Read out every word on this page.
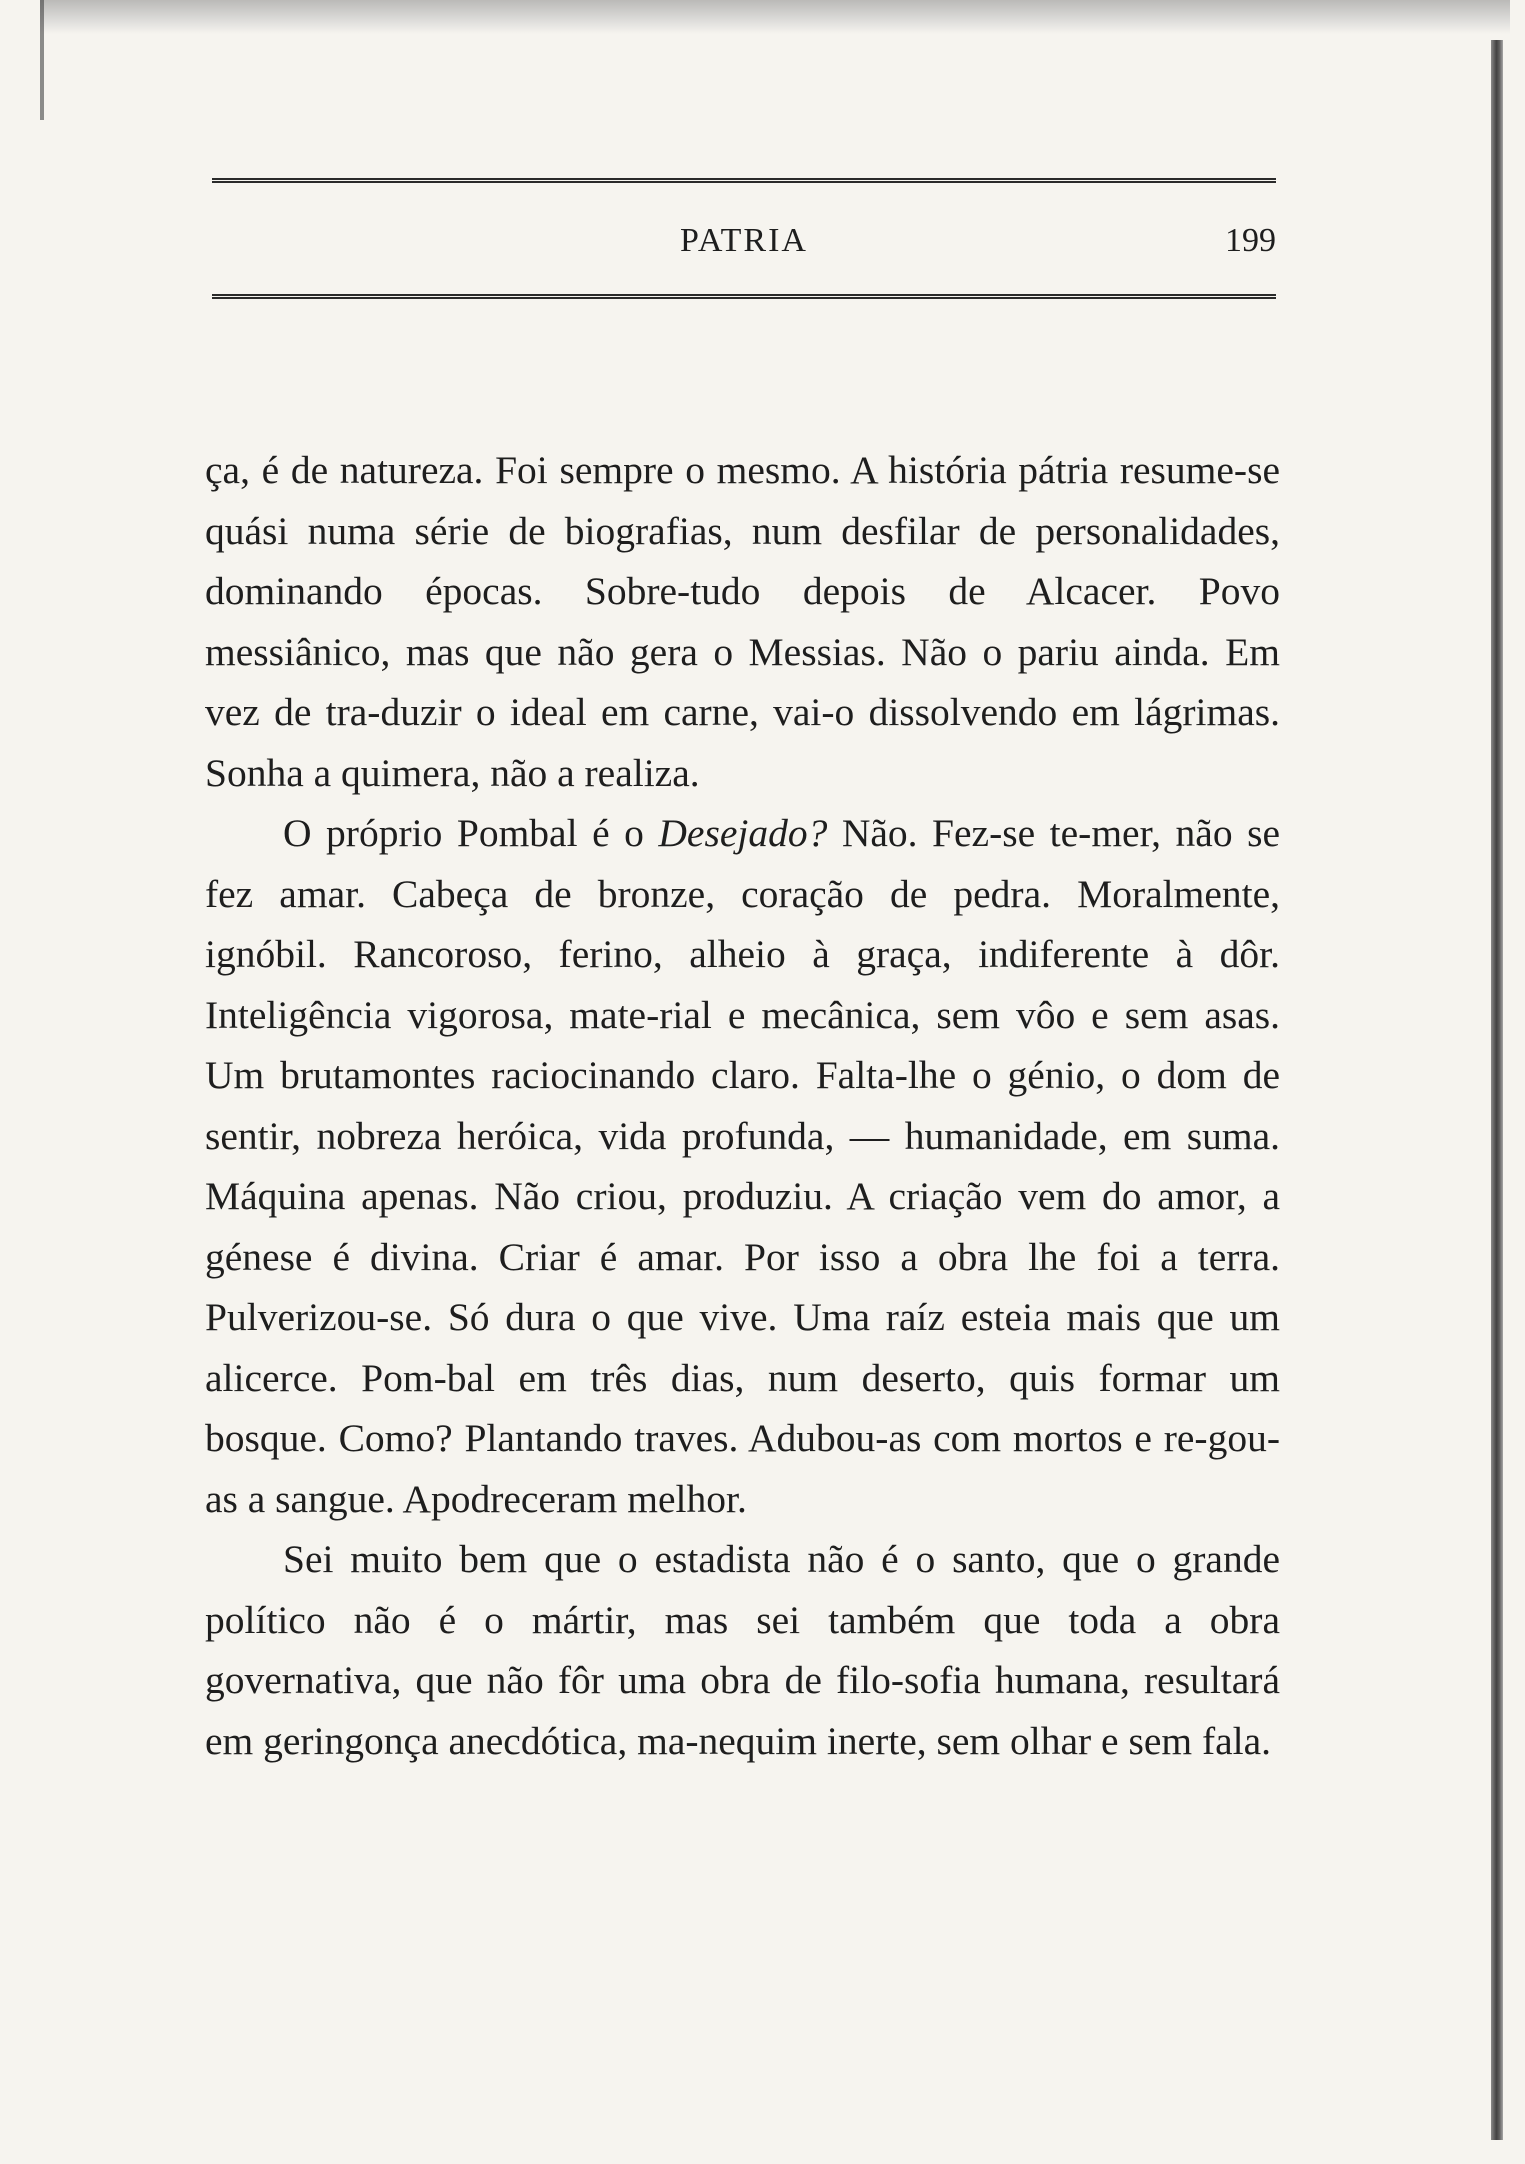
PATRIA	199

ça, é de natureza. Foi sempre o mesmo. A história pátria resume-se quási numa série de biografias, num desfilar de personalidades, dominando épocas. Sobre-tudo depois de Alcacer. Povo messiânico, mas que não gera o Messias. Não o pariu ainda. Em vez de tra-duzir o ideal em carne, vai-o dissolvendo em lágrimas. Sonha a quimera, não a realiza.

O próprio Pombal é o Desejado? Não. Fez-se te-mer, não se fez amar. Cabeça de bronze, coração de pedra. Moralmente, ignóbil. Rancoroso, ferino, alheio à graça, indiferente à dôr. Inteligência vigorosa, mate-rial e mecânica, sem vôo e sem asas. Um brutamontes raciocinando claro. Falta-lhe o génio, o dom de sentir, nobreza heróica, vida profunda, — humanidade, em suma. Máquina apenas. Não criou, produziu. A criação vem do amor, a génese é divina. Criar é amar. Por isso a obra lhe foi a terra. Pulverizou-se. Só dura o que vive. Uma raíz esteia mais que um alicerce. Pom-bal em três dias, num deserto, quis formar um bosque. Como? Plantando traves. Adubou-as com mortos e re-gou-as a sangue. Apodreceram melhor.

Sei muito bem que o estadista não é o santo, que o grande político não é o mártir, mas sei também que toda a obra governativa, que não fôr uma obra de filo-sofia humana, resultará em geringonça anecdótica, ma-nequim inerte, sem olhar e sem fala.
